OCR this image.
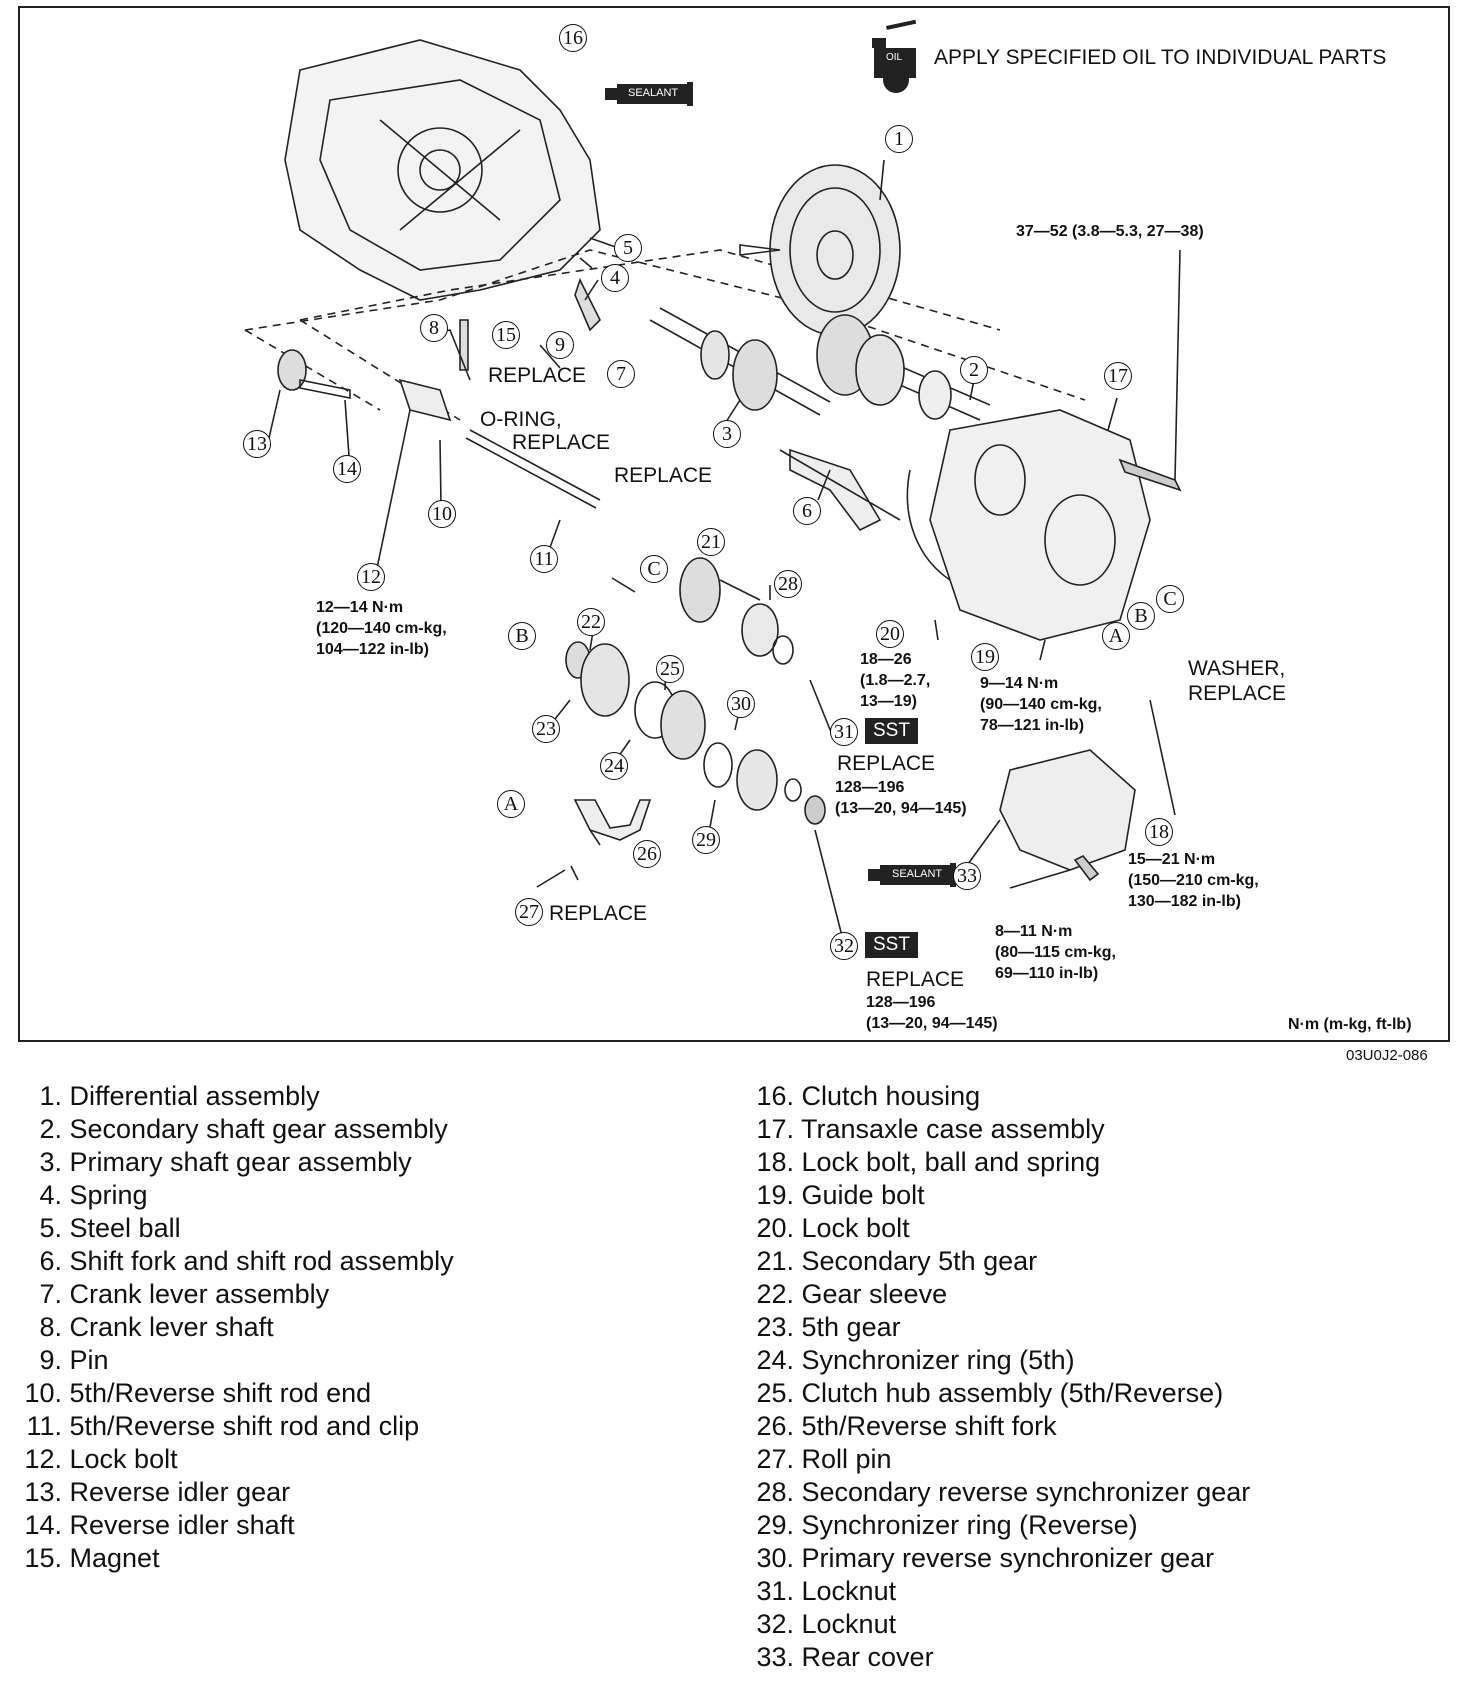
SEALANT
SEALANT
OIL APPLY SPECIFIED OIL TO INDIVIDUAL PARTS
16
1
5
4
8	15	9
7	2	17
3
13
14
10	6
11
21
28
12
22
20
19
25
30
23
24
31
18
29
26
33
27
32
C
B
A
C
B
A
REPLACE
O-RING,
REPLACE
REPLACE
WASHER,
REPLACE
REPLACE
REPLACE
REPLACE
SST
SST
37—52 (3.8—5.3, 27—38)
12—14 N·m
(120—140 cm-kg,
104—122 in-lb)
18—26
(1.8—2.7,
13—19)
9—14 N·m
(90—140 cm-kg,
78—121 in-lb)
128—196
(13—20, 94—145)
15—21 N·m
(150—210 cm-kg,
130—182 in-lb)
8—11 N·m
(80—115 cm-kg,
69—110 in-lb)
128—196
(13—20, 94—145)	N·m (m-kg, ft-lb)
03U0J2-086
1. Differential assembly
2. Secondary shaft gear assembly
3. Primary shaft gear assembly
4. Spring
5. Steel ball
6. Shift fork and shift rod assembly
7. Crank lever assembly
8. Crank lever shaft
9. Pin
10. 5th/Reverse shift rod end
11. 5th/Reverse shift rod and clip
12. Lock bolt
13. Reverse idler gear
14. Reverse idler shaft
15. Magnet
16. Clutch housing
17. Transaxle case assembly
18. Lock bolt, ball and spring
19. Guide bolt
20. Lock bolt
21. Secondary 5th gear
22. Gear sleeve
23. 5th gear
24. Synchronizer ring (5th)
25. Clutch hub assembly (5th/Reverse)
26. 5th/Reverse shift fork
27. Roll pin
28. Secondary reverse synchronizer gear
29. Synchronizer ring (Reverse)
30. Primary reverse synchronizer gear
31. Locknut
32. Locknut
33. Rear cover
